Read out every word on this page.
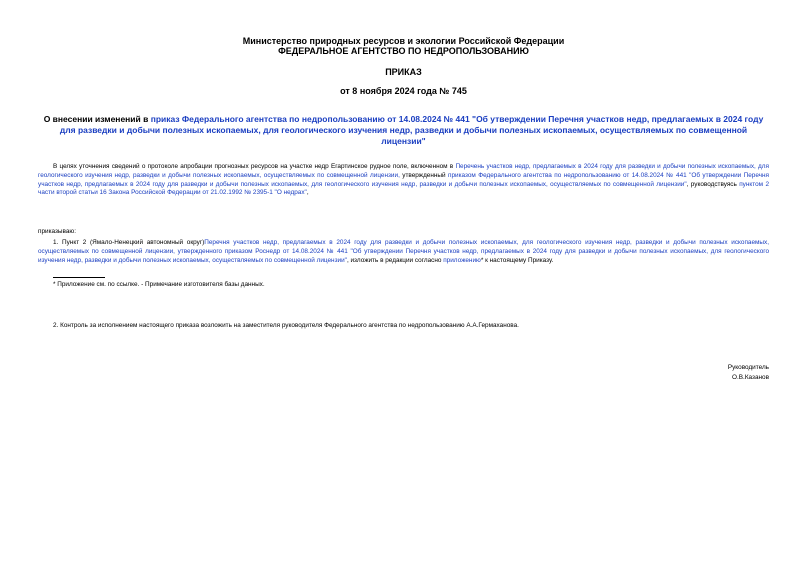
Министерство природных ресурсов и экологии Российской Федерации
ФЕДЕРАЛЬНОЕ АГЕНТСТВО ПО НЕДРОПОЛЬЗОВАНИЮ
ПРИКАЗ
от 8 ноября 2024 года № 745
О внесении изменений в приказ Федерального агентства по недропользованию от 14.08.2024 № 441 "Об утверждении Перечня участков недр, предлагаемых в 2024 году для разведки и добычи полезных ископаемых, для геологического изучения недр, разведки и добычи полезных ископаемых, осуществляемых по совмещенной лицензии"
В целях уточнения сведений о протоколе апробации прогнозных ресурсов на участке недр Егартинское рудное поле, включенном в Перечень участков недр, предлагаемых в 2024 году для разведки и добычи полезных ископаемых, для геологического изучения недр, разведки и добычи полезных ископаемых, осуществляемых по совмещенной лицензии, утвержденный приказом Федерального агентства по недропользованию от 14.08.2024 № 441 "Об утверждении Перечня участков недр, предлагаемых в 2024 году для разведки и добычи полезных ископаемых, для геологического изучения недр, разведки и добычи полезных ископаемых, осуществляемых по совмещенной лицензии", руководствуясь пунктом 2 части второй статьи 16 Закона Российской Федерации от 21.02.1992 № 2395-1 "О недрах",
приказываю:
1. Пункт 2 (Ямало-Ненецкий автономный округ)Перечня участков недр, предлагаемых в 2024 году для разведки и добычи полезных ископаемых, для геологического изучения недр, разведки и добычи полезных ископаемых, осуществляемых по совмещенной лицензии, утвержденного приказом Роснедр от 14.08.2024 № 441 "Об утверждении Перечня участков недр, предлагаемых в 2024 году для разведки и добычи полезных ископаемых, для геологического изучения недр, разведки и добычи полезных ископаемых, осуществляемых по совмещенной лицензии", изложить в редакции согласно приложению* к настоящему Приказу.
* Приложение см. по ссылке. - Примечание изготовителя базы данных.
2. Контроль за исполнением настоящего приказа возложить на заместителя руководителя Федерального агентства по недропользованию А.А.Гермаханова.
Руководитель
О.В.Казанов
